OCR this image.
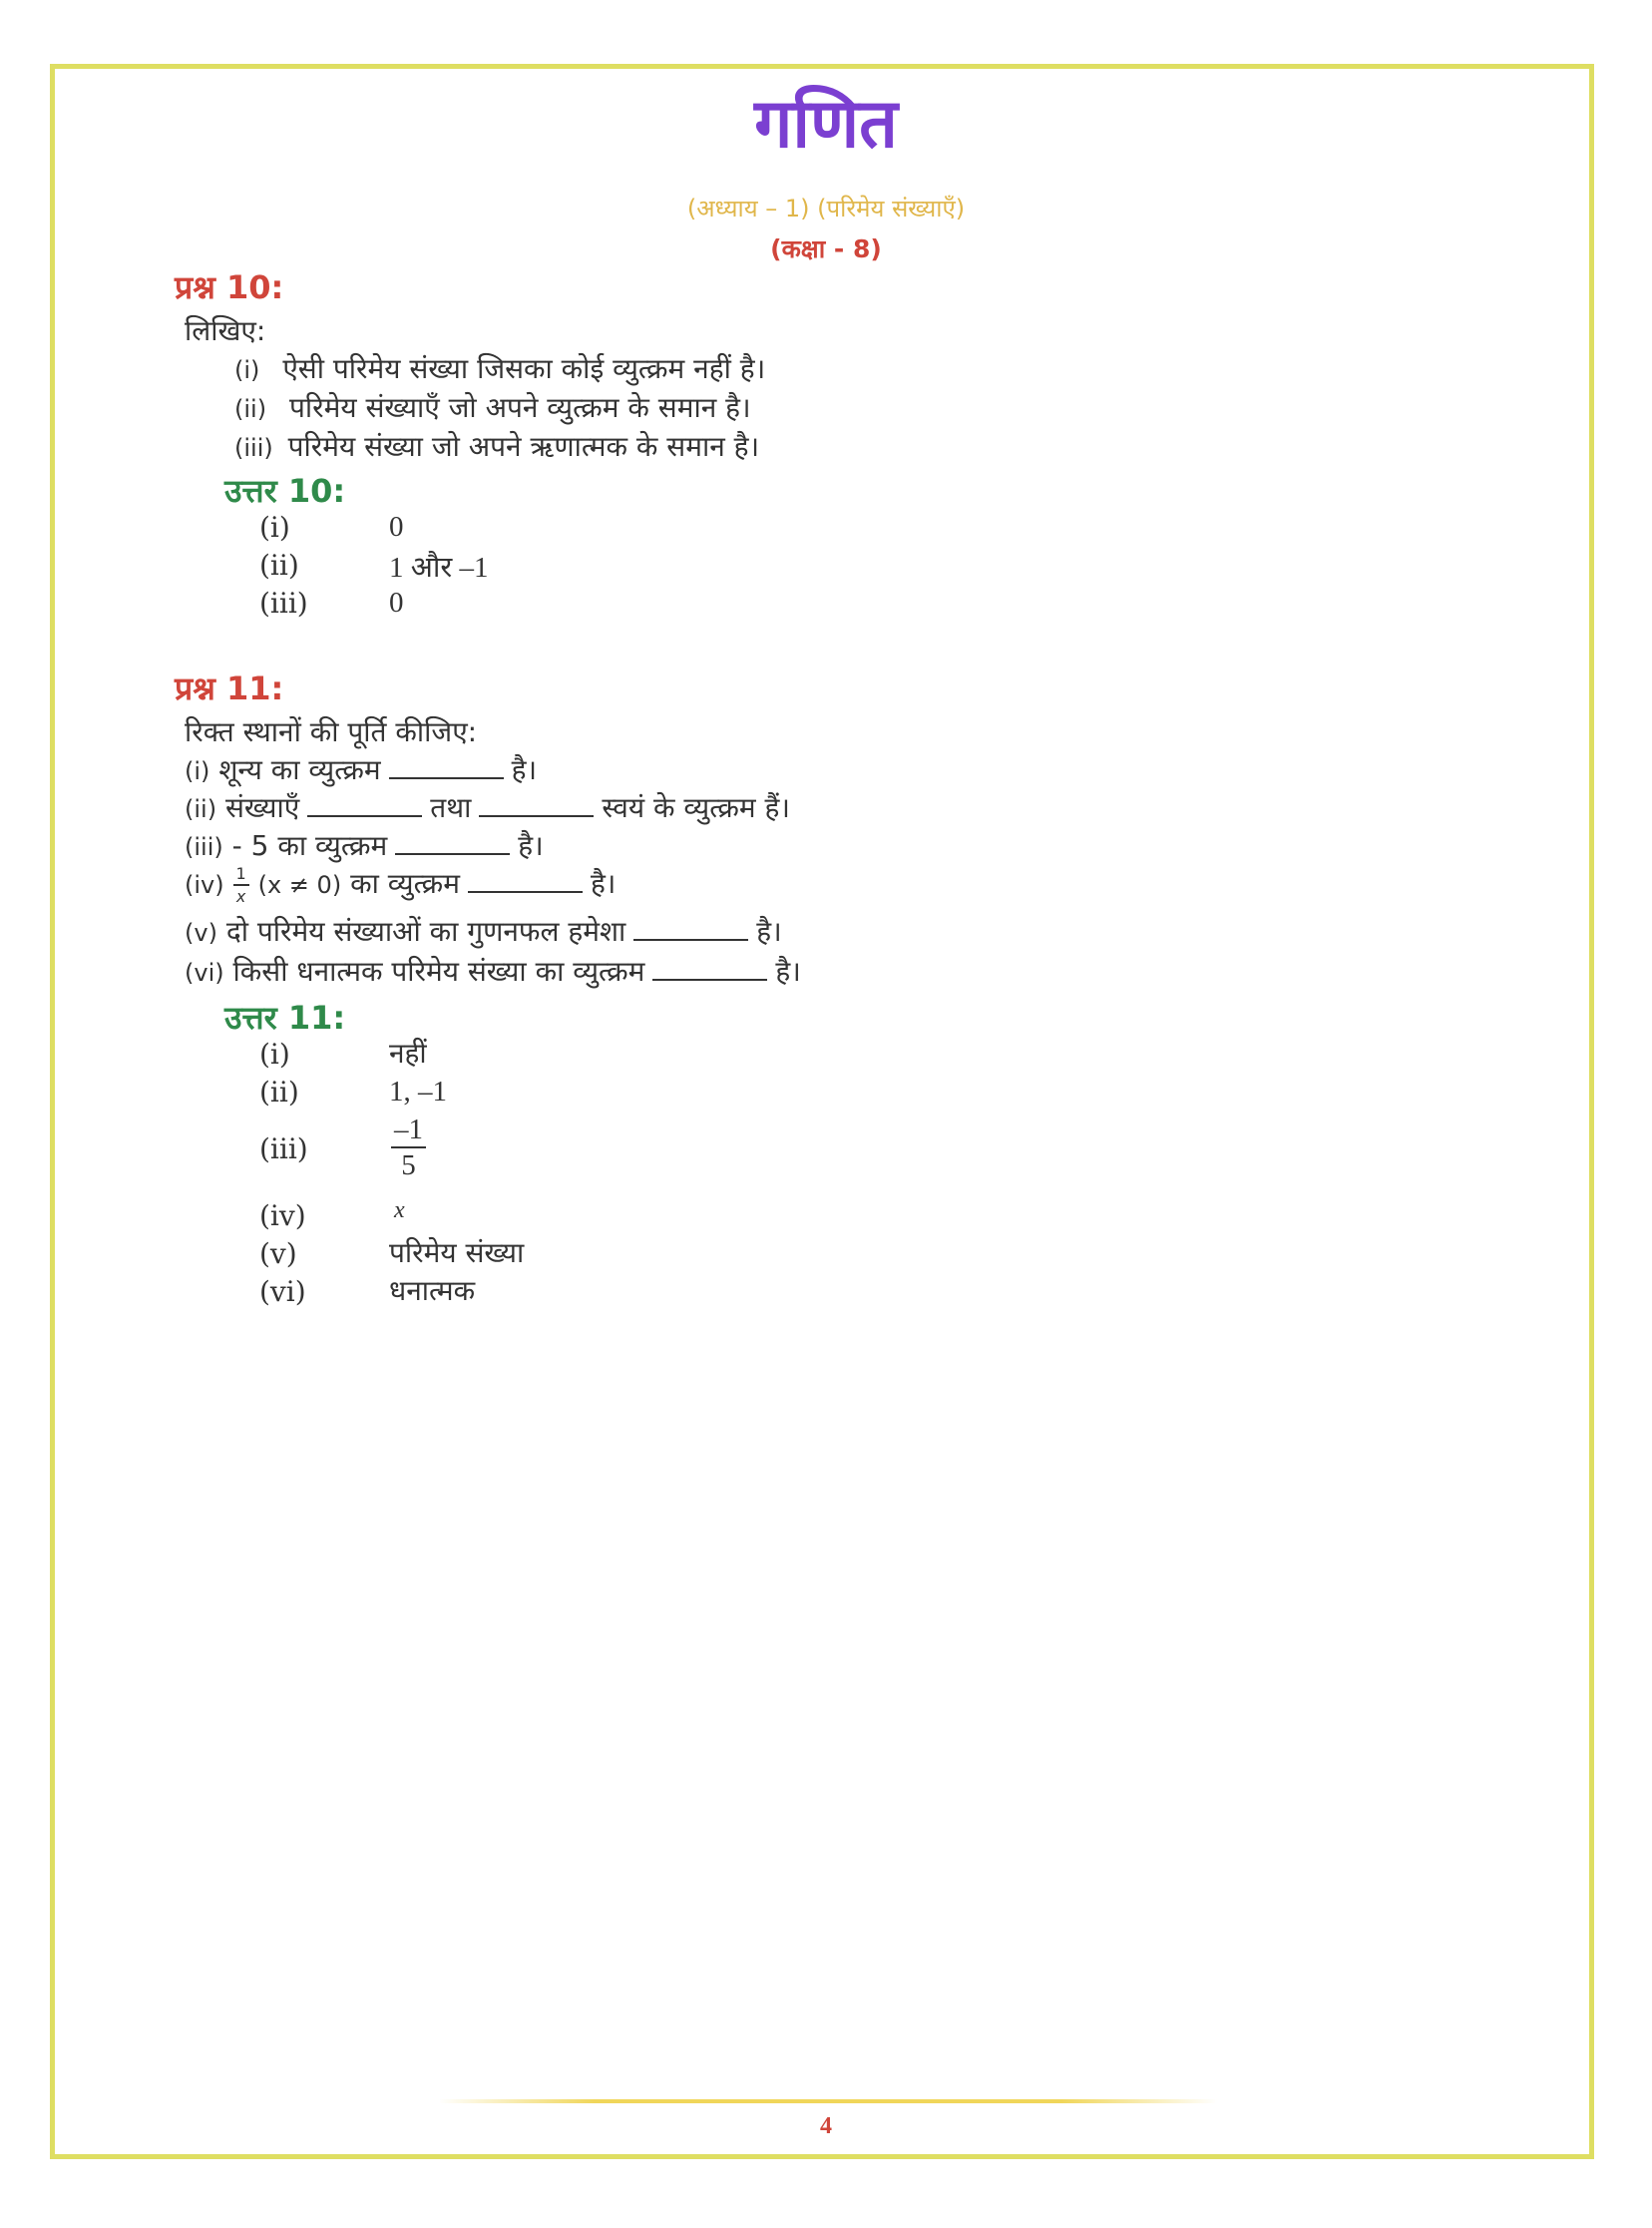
गणित
(अध्याय – 1) (परिमेय संख्याएँ)
(कक्षा - 8)
प्रश्न 10:
लिखिए:
(i) ऐसी परिमेय संख्या जिसका कोई व्युत्क्रम नहीं है।
(ii) परिमेय संख्याएँ जो अपने व्युत्क्रम के समान है।
(iii) परिमेय संख्या जो अपने ऋणात्मक के समान है।
उत्तर 10:
(i)	0
(ii)	1 और –1
(iii)	0
प्रश्न 11:
रिक्त स्थानों की पूर्ति कीजिए:
(i) शून्य का व्युत्क्रम	है।
(ii) संख्याएँ	तथा	स्वयं के व्युत्क्रम हैं।
(iii) - 5 का व्युत्क्रम	है।
$(iv) \frac{1}{x} (x \ne 0)$ का व्युत्क्रम	है।
(v) दो परिमेय संख्याओं का गुणनफल हमेशा	है।
(vi) किसी धनात्मक परिमेय संख्या का व्युत्क्रम	है।
उत्तर 11:
(i)	नहीं
(ii)	1, –1
(iii)	$\frac{-1}{5}$
(iv)	x
(v)	परिमेय संख्या
(vi)	धनात्मक
4
